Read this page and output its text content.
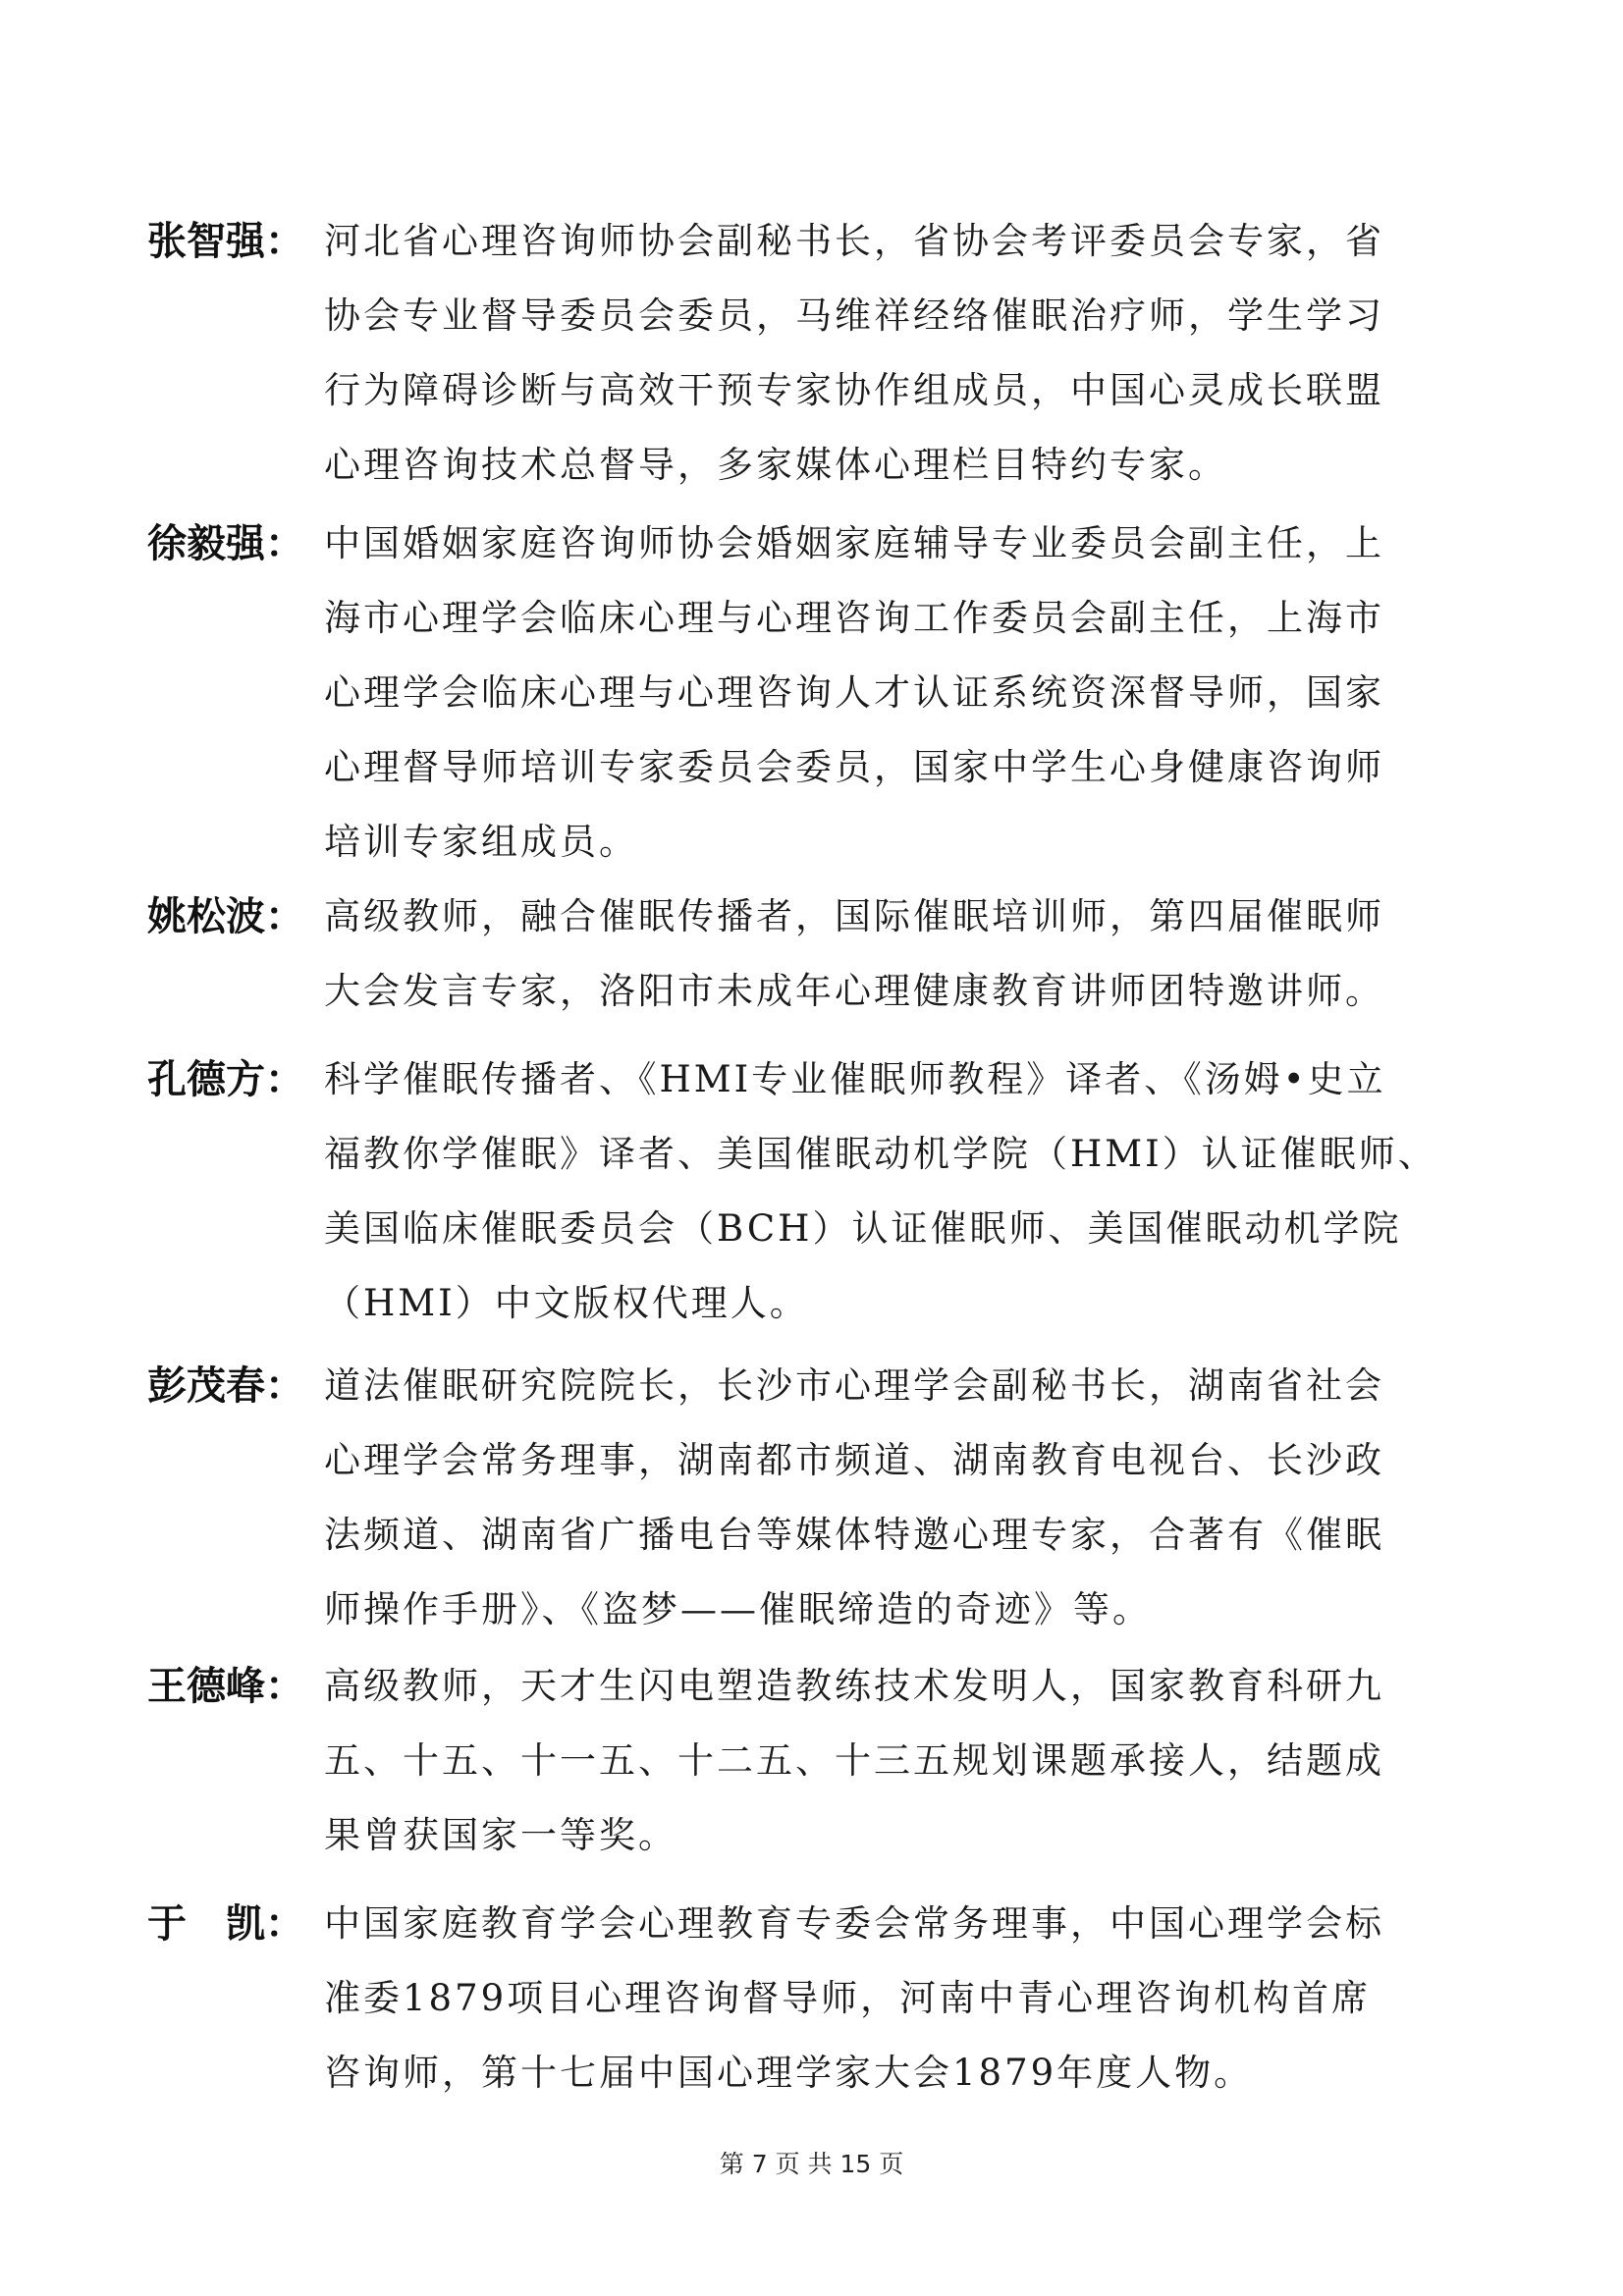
张智强： 河北省心理咨询师协会副秘书长，省协会考评委员会专家，省
协会专业督导委员会委员，马维祥经络催眠治疗师，学生学习
行为障碍诊断与高效干预专家协作组成员，中国心灵成长联盟
心理咨询技术总督导，多家媒体心理栏目特约专家。
徐毅强： 中国婚姻家庭咨询师协会婚姻家庭辅导专业委员会副主任，上
海市心理学会临床心理与心理咨询工作委员会副主任，上海市
心理学会临床心理与心理咨询人才认证系统资深督导师，国家
心理督导师培训专家委员会委员，国家中学生心身健康咨询师
培训专家组成员。
姚松波： 高级教师，融合催眠传播者，国际催眠培训师，第四届催眠师
大会发言专家，洛阳市未成年心理健康教育讲师团特邀讲师。
孔德方： 科学催眠传播者、《HMI专业催眠师教程》译者、《汤姆•史立
福教你学催眠》译者、美国催眠动机学院（HMI）认证催眠师、
美国临床催眠委员会（BCH）认证催眠师、美国催眠动机学院
（HMI）中文版权代理人。
彭茂春： 道法催眠研究院院长，长沙市心理学会副秘书长，湖南省社会
心理学会常务理事，湖南都市频道、湖南教育电视台、长沙政
法频道、湖南省广播电台等媒体特邀心理专家，合著有《催眠
师操作手册》、《盗梦——催眠缔造的奇迹》等。
王德峰： 高级教师，天才生闪电塑造教练技术发明人，国家教育科研九
五、十五、十一五、十二五、十三五规划课题承接人，结题成
果曾获国家一等奖。
于　凯： 中国家庭教育学会心理教育专委会常务理事，中国心理学会标
准委1879项目心理咨询督导师，河南中青心理咨询机构首席
咨询师，第十七届中国心理学家大会1879年度人物。
第 7 页 共 15 页
